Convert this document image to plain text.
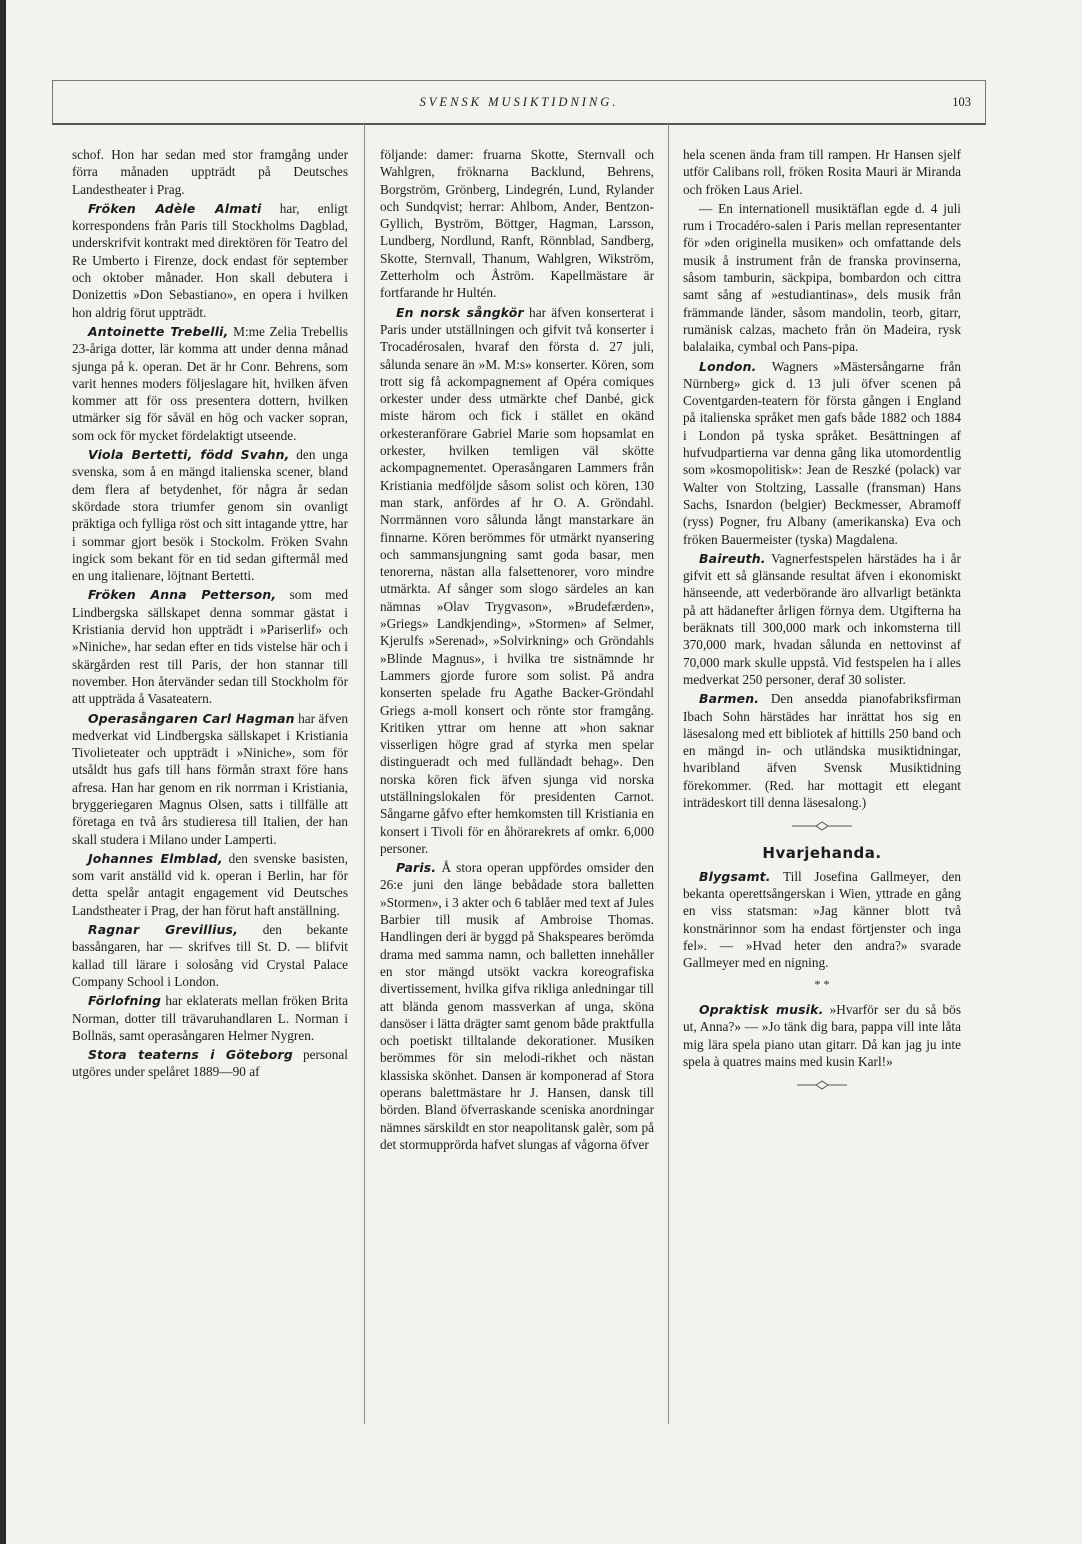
SVENSK MUSIKTIDNING.	103

schof. Hon har sedan med stor framgång under förra månaden uppträdt på Deutsches Landestheater i Prag.

Fröken Adèle Almati har, enligt korrespondens från Paris till Stockholms Dagblad, underskrifvit kontrakt med direktören för Teatro del Re Umberto i Firenze, dock endast för september och oktober månader. Hon skall debutera i Donizettis »Don Sebastiano», en opera i hvilken hon aldrig förut uppträdt.

Antoinette Trebelli, M:me Zelia Trebellis 23-åriga dotter, lär komma att under denna månad sjunga på k. operan. Det är hr Conr. Behrens, som varit hennes moders följeslagare hit, hvilken äfven kommer att för oss presentera dottern, hvilken utmärker sig för såväl en hög och vacker sopran, som ock för mycket fördelaktigt utseende.

Viola Bertetti, född Svahn, den unga svenska, som å en mängd italienska scener, bland dem flera af betydenhet, för några år sedan skördade stora triumfer genom sin ovanligt präktiga och fylliga röst och sitt intagande yttre, har i sommar gjort besök i Stockolm. Fröken Svahn ingick som bekant för en tid sedan giftermål med en ung italienare, löjtnant Bertetti.

Fröken Anna Petterson, som med Lindbergska sällskapet denna sommar gästat i Kristiania dervid hon uppträdt i »Pariserlif» och »Niniche», har sedan efter en tids vistelse här och i skärgården rest till Paris, der hon stannar till november. Hon återvänder sedan till Stockholm för att uppträda å Vasateatern.

Operasångaren Carl Hagman har äfven medverkat vid Lindbergska sällskapet i Kristiania Tivolieteater och uppträdt i »Niniche», som för utsåldt hus gafs till hans förmån straxt före hans afresa. Han har genom en rik norrman i Kristiania, bryggeriegaren Magnus Olsen, satts i tillfälle att företaga en två års studieresa till Italien, der han skall studera i Milano under Lamperti.

Johannes Elmblad, den svenske basisten, som varit anställd vid k. operan i Berlin, har för detta spelår antagit engagement vid Deutsches Landstheater i Prag, der han förut haft anställning.

Ragnar Grevillius, den bekante bassångaren, har — skrifves till St. D. — blifvit kallad till lärare i solosång vid Crystal Palace Company School i London.

Förlofning har eklaterats mellan fröken Brita Norman, dotter till trävaruhandlaren L. Norman i Bollnäs, samt operasångaren Helmer Nygren.

Stora teaterns i Göteborg personal utgöres under spelåret 1889—90 af

följande: damer: fruarna Skotte, Sternvall och Wahlgren, fröknarna Backlund, Behrens, Borgström, Grönberg, Lindegrén, Lund, Rylander och Sundqvist; herrar: Ahlbom, Ander, Bentzon-Gyllich, Byström, Böttger, Hagman, Larsson, Lundberg, Nordlund, Ranft, Rönnblad, Sandberg, Skotte, Sternvall, Thanum, Wahlgren, Wikström, Zetterholm och Åström. Kapellmästare är fortfarande hr Hultén.

En norsk sångkör har äfven konserterat i Paris under utställningen och gifvit två konserter i Trocadérosalen, hvaraf den första d. 27 juli, sålunda senare än »M. M:s» konserter. Kören, som trott sig få ackompagnement af Opéra comiques orkester under dess utmärkte chef Danbé, gick miste härom och fick i stället en okänd orkesteranförare Gabriel Marie som hopsamlat en orkester, hvilken temligen väl skötte ackompagnementet. Operasångaren Lammers från Kristiania medföljde såsom solist och kören, 130 man stark, anfördes af hr O. A. Gröndahl. Norrmännen voro sålunda långt manstarkare än finnarne. Kören berömmes för utmärkt nyansering och sammansjungning samt goda basar, men tenorerna, nästan alla falsettenorer, voro mindre utmärkta. Af sånger som slogo särdeles an kan nämnas »Olav Trygvason», »Brudefærden», »Griegs» Landkjending», »Stormen» af Selmer, Kjerulfs »Serenad», »Solvirkning» och Gröndahls »Blinde Magnus», i hvilka tre sistnämnde hr Lammers gjorde furore som solist. På andra konserten spelade fru Agathe Backer-Gröndahl Griegs a-moll konsert och rönte stor framgång. Kritiken yttrar om henne att »hon saknar visserligen högre grad af styrka men spelar distingueradt och med fulländadt behag». Den norska kören fick äfven sjunga vid norska utställningslokalen för presidenten Carnot. Sångarne gåfvo efter hemkomsten till Kristiania en konsert i Tivoli för en åhörarekrets af omkr. 6,000 personer.

Paris. Å stora operan uppfördes omsider den 26:e juni den länge bebådade stora balletten »Stormen», i 3 akter och 6 tablåer med text af Jules Barbier till musik af Ambroise Thomas. Handlingen deri är byggd på Shakspeares berömda drama med samma namn, och balletten innehåller en stor mängd utsökt vackra koreografiska divertissement, hvilka gifva rikliga anledningar till att bländа genom massverkan af unga, sköna dansöser i lätta drägter samt genom både praktfulla och poetiskt tilltalande dekorationer. Musiken berömmes för sin melodi-rikhet och nästan klassiska skönhet. Dansen är komponerad af Stora operans balettmästare hr J. Hansen, dansk till börden. Bland öfverraskande sceniska anordningar nämnes särskildt en stor neapolitansk galèr, som på det stormupprörda hafvet slungas af vågorna öfver

hela scenen ända fram till rampen. Hr Hansen sjelf utför Calibans roll, fröken Rosita Mauri är Miranda och fröken Laus Ariel.

— En internationell musiktäflan egde d. 4 juli rum i Trocadéro-salen i Paris mellan representanter för »den originella musiken» och omfattande dels musik å instrument från de franska provinserna, såsom tamburin, säckpipa, bombardon och cittra samt sång af »estudiantinas», dels musik från främmande länder, såsom mandolin, teorb, gitarr, rumänisk calzas, macheto från ön Madeira, rysk balalaika, cymbal och Pans-pipa.

London. Wagners »Mästersångarne från Nürnberg» gick d. 13 juli öfver scenen på Coventgarden-teatern för första gången i England på italienska språket men gafs både 1882 och 1884 i London på tyska språket. Besättningen af hufvudpartierna var denna gång lika utomordentlig som »kosmopolitisk»: Jean de Reszké (polack) var Walter von Stoltzing, Lassalle (fransman) Hans Sachs, Isnardon (belgier) Beckmesser, Abramoff (ryss) Pogner, fru Albany (amerikanska) Eva och fröken Bauermeister (tyska) Magdalena.

Baireuth. Vagnerfestspelen härstädes ha i år gifvit ett så glänsande resultat äfven i ekonomiskt hänseende, att vederbörande äro allvarligt betänkta på att hädanefter årligen förnya dem. Utgifterna ha beräknats till 300,000 mark och inkomsterna till 370,000 mark, hvadan sålunda en nettovinst af 70,000 mark skulle uppstå. Vid festspelen ha i alles medverkat 250 personer, deraf 30 solister.

Barmen. Den ansedda pianofabriksfirman Ibach Sohn härstädes har inrättat hos sig en läsesalong med ett bibliotek af hittills 250 band och en mängd in- och utländska musiktidningar, hvaribland äfven Svensk Musiktidning förekommer. (Red. har mottagit ett elegant inträdeskort till denna läsesalong.)

Hvarjehanda.

Blygsamt. Till Josefina Gallmeyer, den bekanta operettsångerskan i Wien, yttrade en gång en viss statsman: »Jag känner blott två konstnärinnor som ha endast förtjenster och inga fel». — »Hvad heter den andra?» svarade Gallmeyer med en nigning.

* *

Opraktisk musik. »Hvarför ser du så bös ut, Anna?» — »Jo tänk dig bara, pappa vill inte låta mig lära spela piano utan gitarr. Då kan jag ju inte spela à quatres mains med kusin Karl!»
